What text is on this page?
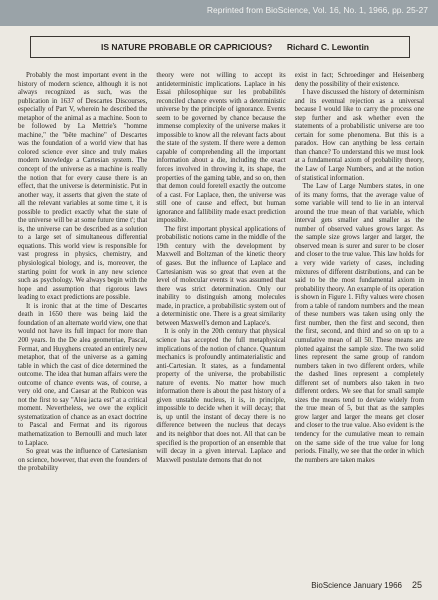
Reprinted from BioScience, Vol. 16, No. 1, 1966, pp. 25-27
IS NATURE PROBABLE OR CAPRICIOUS? Richard C. Lewontin

Probably the most important event in the history of modern science, although it is not always recognized as such, was the publication in 1637 of Descartes Discourses, especially of Part V, wherein he described the metaphor of the animal as a machine. Soon to be followed by La Mettrie's "homme machine," the "bête machine" of Descartes was the foundation of a world view that has colored science ever since and truly makes modern knowledge a Cartesian system. The concept of the universe as a machine is really the notion that for every cause there is an effect, that the universe is deterministic. Put in another way, it asserts that given the state of all the relevant variables at some time t, it is possible to predict exactly what the state of the universe will be at some future time t'; that is, the universe can be described as a solution to a large set of simultaneous differential equations. This world view is responsible for vast progress in physics, chemistry, and physiological biology, and is, moreover, the starting point for work in any new science such as psychology. We always begin with the hope and assumption that rigorous laws leading to exact predictions are possible.

It is ironic that at the time of Descartes death in 1650 there was being laid the foundation of an alternate world view, one that would not have its full impact for more than 200 years. In the De alea geometriae, Pascal, Fermat, and Huyghens created an entirely new metaphor, that of the universe as a gaming table in which the cast of dice determined the outcome. The idea that human affairs were the outcome of chance events was, of course, a very old one, and Caesar at the Rubicon was not the first to say "Alea jacta est" at a critical moment. Nevertheless, we owe the explicit systematization of chance as an exact doctrine to Pascal and Fermat and its rigorous mathematization to Bernoulli and much later to Laplace.

So great was the influence of Cartesianism on science, however, that even the founders of the probability

theory were not willing to accept its antideterministic implications. Laplace in his Essai philosophique sur les probabilités reconciled chance events with a deterministic universe by the principle of ignorance. Events seem to be governed by chance because the immense complexity of the universe makes it impossible to know all the relevant facts about the state of the system. If there were a demon capable of comprehending all the important information about a die, including the exact forces involved in throwing it, its shape, the properties of the gaming table, and so on, then that demon could foretell exactly the outcome of a cast. For Laplace, then, the universe was still one of cause and effect, but human ignorance and fallibility made exact prediction impossible.

The first important physical applications of probabilistic notions came in the middle of the 19th century with the development by Maxwell and Boltzman of the kinetic theory of gases. But the influence of Laplace and Cartesianism was so great that even at the level of molecular events it was assumed that there was strict determination. Only our inability to distinguish among molecules made, in practice, a probabilistic system out of a deterministic one. There is a great similarity between Maxwell's demon and Laplace's.

It is only in the 20th century that physical science has accepted the full metaphysical implications of the notion of chance. Quantum mechanics is profoundly antimaterialistic and anti-Cartesian. It states, as a fundamental property of the universe, the probabilistic nature of events. No matter how much information there is about the past history of a given unstable nucleus, it is, in principle, impossible to decide when it will decay; that is, up until the instant of decay there is no difference between the nucleus that decays and its neighbor that does not. All that can be specified is the proportion of an ensemble that will decay in a given interval. Laplace and Maxwell postulate demons that do not

exist in fact; Schroedinger and Heisenberg deny the possibility of their existence.

I have discussed the history of determinism and its eventual rejection as a universal because I would like to carry the process one step further and ask whether even the statements of a probabilistic universe are too certain for some phenomena. But this is a paradox. How can anything be less certain than chance? To understand this we must look at a fundamental axiom of probability theory, the Law of Large Numbers, and at the notion of statistical information.

The Law of Large Numbers states, in one of its many forms, that the average value of some variable will tend to lie in an interval around the true mean of that variable, which interval gets smaller and smaller as the number of observed values grows larger. As the sample size grows larger and larger, the observed mean is surer and surer to be closer and closer to the true value. This law holds for a very wide variety of cases, including mixtures of different distributions, and can be said to be the most fundamental axiom in probability theory. An example of its operation is shown in Figure 1. Fifty values were chosen from a table of random numbers and the mean of these numbers was taken using only the first number, then the first and second, then the first, second, and third and so on up to a cumulative mean of all 50. These means are plotted against the sample size. The two solid lines represent the same group of random numbers taken in two different orders, while the dashed lines represent a completely different set of numbers also taken in two different orders. We see that for small sample sizes the means tend to deviate widely from the true mean of 5, but that as the samples grow larger and larger the means get closer and closer to the true value. Also evident is the tendency for the cumulative mean to remain on the same side of the true value for long periods. Finally, we see that the order in which the numbers are taken makes

BioScience January 1966 25
